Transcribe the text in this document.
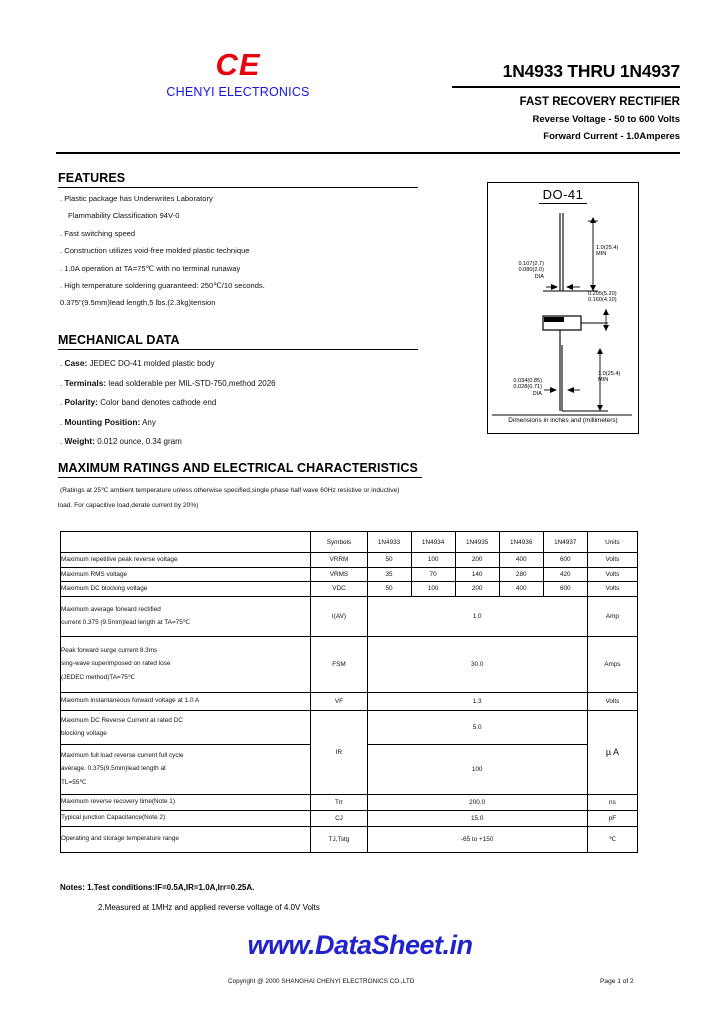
CE
CHENYI ELECTRONICS
1N4933 THRU 1N4937
FAST RECOVERY RECTIFIER
Reverse Voltage - 50 to 600 Volts
Forward Current - 1.0Amperes
FEATURES
. Plastic package has Underwrites Laboratory
Flammability Classification 94V-0
. Fast switching speed
. Construction utilizes void-free molded plastic technique
. 1.0A operation at TA=75℃ with no terminal runaway
. High temperature soldering guaranteed: 250℃/10 seconds.
0.375"(9.5mm)lead length,5 lbs.(2.3kg)tension
MECHANICAL DATA
. Case: JEDEC DO-41 molded plastic body
. Terminals: lead solderable per MIL-STD-750,method 2026
. Polarity: Color band denotes cathode end
. Mounting Position: Any
. Weight: 0.012 ounce, 0.34 gram
DO-41
0.107(2.7)
0.080(2.0)
DIA
1.0(25.4)
MIN
0.205(5.20)
0.160(4.10)
1.0(25.4)
MIN
0.034(0.85)
0.028(0.71)
DIA
Dimensions in inches and (millimeters)
MAXIMUM RATINGS AND ELECTRICAL CHARACTERISTICS
(Ratings at 25℃ ambient temperature unless otherwise specified,single phase half wave 60Hz resistive or inductive)
load. For capacitive load,derate current by 20%)
	Symbols	1N4933	1N4934	1N4935	1N4936	1N4937	Units
Maximum repetitive peak reverse voltage	VRRM	50	100	200	400	600	Volts
Maximum RMS voltage	VRMS	35	70	140	280	420	Volts
Maximum DC blocking voltage	VDC	50	100	200	400	600	Volts

Maximum average forward rectified
current 0.375 (9.5mm)lead length at TA=75℃	I(AV)	1.0					Amp

Peak forward surge current 8.3ms
sing-wave superimposed on rated lose
(JEDEC method)TA=75℃	FSM	30.0					Amps
Maximum instantaneous forward voltage at 1.0 A	VF	1.3					Volts

Maximum DC Reverse Current at rated DC
blocking voltage	IR	5.0					µ A

Maximum full load reverse current full cycle
average. 0.375(9.5mm)lead length at
TL=55℃		100					
Maximum reverse recovery time(Note 1)	Trr	200.0					ns
Typical junction Capacitance(Note 2)	CJ	15.0					pF
Operating and storage temperature range	TJ,Tstg	-65 to +150					℃
Notes: 1.Test conditions:IF=0.5A,IR=1.0A,Irr=0.25A.
2.Measured at 1MHz and applied reverse voltage of 4.0V Volts
www.DataSheet.in
Copyright @ 2000 SHANGHAI CHENYI ELECTRONICS CO.,LTD	Page 1 of 2
